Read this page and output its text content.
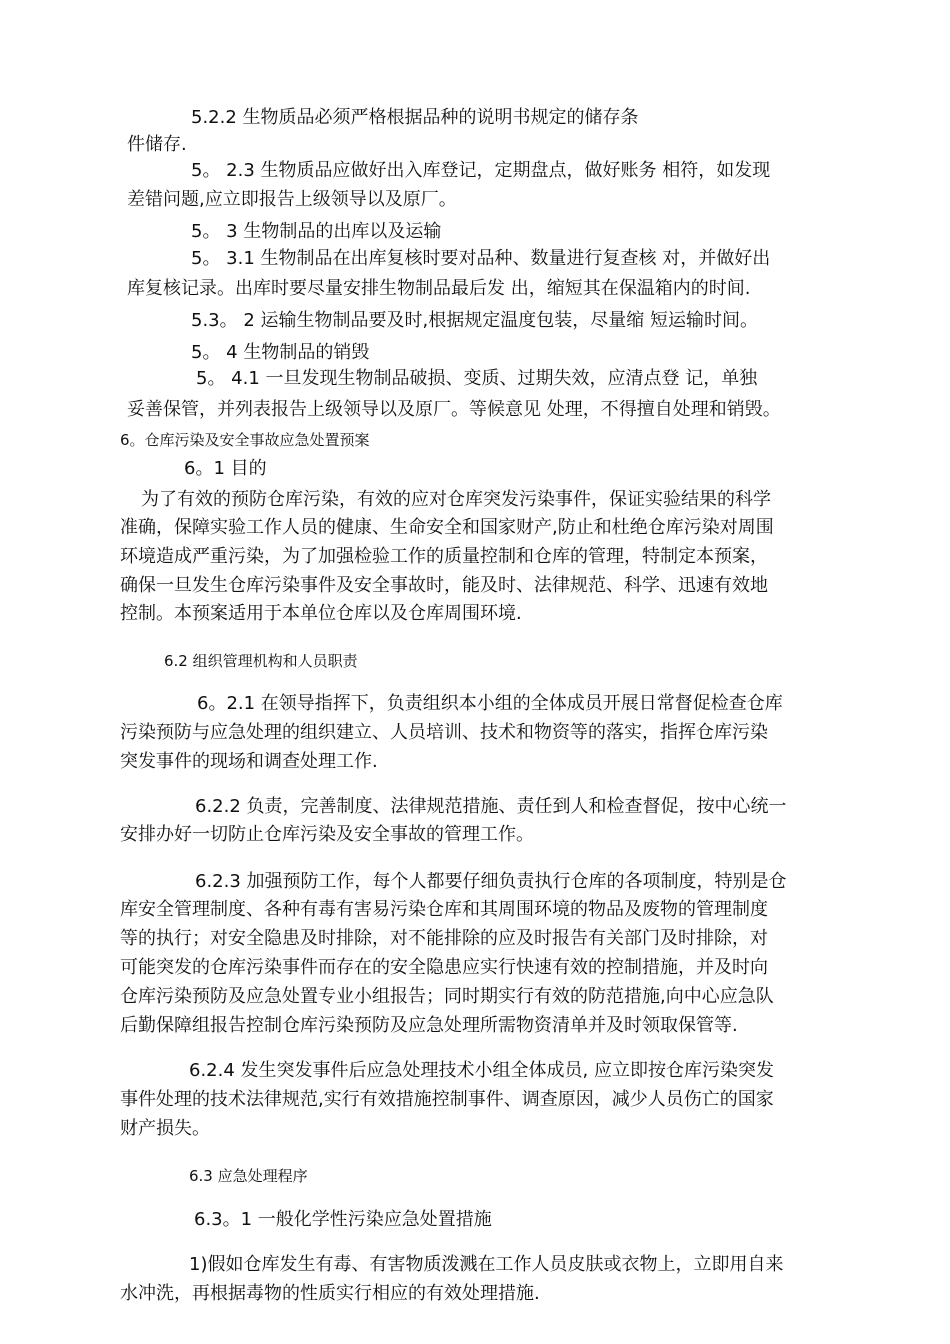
5.2.2 生物质品必须严格根据品种的说明书规定的储存条
件储存.
5。 2.3 生物质品应做好出入库登记，定期盘点，做好账务 相符，如发现
差错问题,应立即报告上级领导以及原厂。
5。 3 生物制品的出库以及运输
5。 3.1 生物制品在出库复核时要对品种、数量进行复查核 对，并做好出
库复核记录。出库时要尽量安排生物制品最后发 出，缩短其在保温箱内的时间.
5.3。 2 运输生物制品要及时,根据规定温度包装，尽量缩 短运输时间。
5。 4 生物制品的销毁
5。 4.1 一旦发现生物制品破损、变质、过期失效，应清点登 记，单独
妥善保管，并列表报告上级领导以及原厂。等候意见 处理，不得擅自处理和销毁。
6。仓库污染及安全事故应急处置预案
6。1 目的
为了有效的预防仓库污染，有效的应对仓库突发污染事件，保证实验结果的科学
准确，保障实验工作人员的健康、生命安全和国家财产,防止和杜绝仓库污染对周围
环境造成严重污染，为了加强检验工作的质量控制和仓库的管理，特制定本预案，
确保一旦发生仓库污染事件及安全事故时，能及时、法律规范、科学、迅速有效地
控制。本预案适用于本单位仓库以及仓库周围环境.
6.2 组织管理机构和人员职责
6。2.1 在领导指挥下，负责组织本小组的全体成员开展日常督促检查仓库
污染预防与应急处理的组织建立、人员培训、技术和物资等的落实，指挥仓库污染
突发事件的现场和调查处理工作.
6.2.2 负责，完善制度、法律规范措施、责任到人和检查督促，按中心统一
安排办好一切防止仓库污染及安全事故的管理工作。
6.2.3 加强预防工作，每个人都要仔细负责执行仓库的各项制度，特别是仓
库安全管理制度、各种有毒有害易污染仓库和其周围环境的物品及废物的管理制度
等的执行；对安全隐患及时排除，对不能排除的应及时报告有关部门及时排除，对
可能突发的仓库污染事件而存在的安全隐患应实行快速有效的控制措施，并及时向
仓库污染预防及应急处置专业小组报告；同时期实行有效的防范措施,向中心应急队
后勤保障组报告控制仓库污染预防及应急处理所需物资清单并及时领取保管等.
6.2.4 发生突发事件后应急处理技术小组全体成员, 应立即按仓库污染突发
事件处理的技术法律规范,实行有效措施控制事件、调查原因，减少人员伤亡的国家
财产损失。
6.3 应急处理程序
6.3。1 一般化学性污染应急处置措施
1)假如仓库发生有毒、有害物质泼溅在工作人员皮肤或衣物上，立即用自来
水冲洗，再根据毒物的性质实行相应的有效处理措施.
